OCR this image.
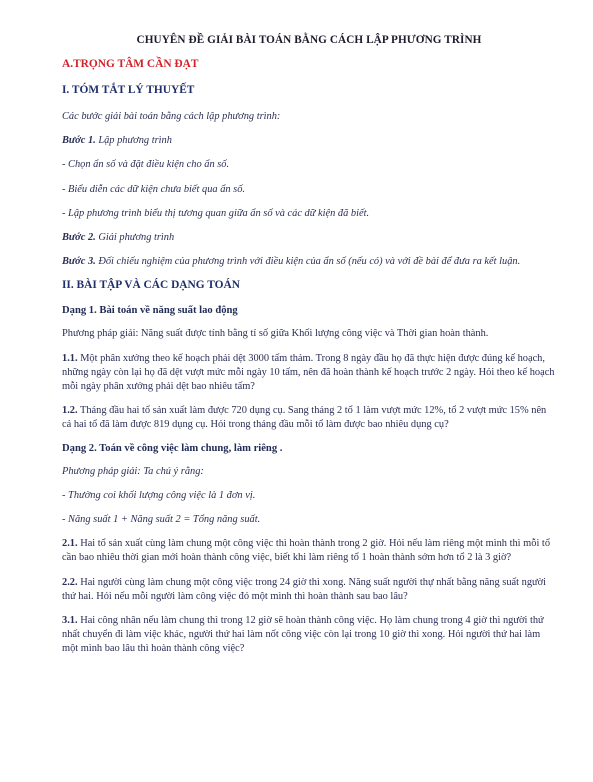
CHUYÊN ĐỀ GIẢI BÀI TOÁN BẰNG CÁCH LẬP PHƯƠNG TRÌNH
A.TRỌNG TÂM CẦN ĐẠT
I. TÓM TẮT LÝ THUYẾT
Các bước giải bài toán bằng cách lập phương trình:
Bước 1. Lập phương trình
- Chọn ẩn số và đặt điều kiện cho ẩn số.
- Biểu diễn các dữ kiện chưa biết qua ẩn số.
- Lập phương trình biểu thị tương quan giữa ẩn số và các dữ kiện đã biết.
Bước 2. Giải phương trình
Bước 3. Đối chiếu nghiệm của phương trình với điều kiện của ẩn số (nếu có) và với đề bài để đưa ra kết luận.
II. BÀI TẬP VÀ CÁC DẠNG TOÁN
Dạng 1. Bài toán về năng suất lao động
Phương pháp giải: Năng suất được tính bằng tỉ số giữa Khối lượng công việc và Thời gian hoàn thành.
1.1. Một phân xưởng theo kế hoạch phải dệt 3000 tấm thảm. Trong 8 ngày đầu họ đã thực hiện được đúng kế hoạch, những ngày còn lại họ đã dệt vượt mức mỗi ngày 10 tấm, nên đã hoàn thành kế hoạch trước 2 ngày. Hỏi theo kế hoạch mỗi ngày phân xưởng phải dệt bao nhiêu tấm?
1.2. Tháng đầu hai tổ sản xuất làm được 720 dụng cụ. Sang tháng 2 tổ 1 làm vượt mức 12%, tổ 2 vượt mức 15% nên cả hai tổ đã làm được 819 dụng cụ. Hỏi trong tháng đầu mỗi tổ làm được bao nhiêu dụng cụ?
Dạng 2. Toán về công việc làm chung, làm riêng .
Phương pháp giải: Ta chú ý rằng:
- Thường coi khối lượng công việc là 1 đơn vị.
- Năng suất 1 + Năng suất 2 = Tổng năng suất.
2.1. Hai tổ sản xuất cùng làm chung một công việc thì hoàn thành trong 2 giờ. Hỏi nếu làm riêng một mình thì mỗi tổ cần bao nhiêu thời gian mới hoàn thành công việc, biết khi làm riêng tổ 1 hoàn thành sớm hơn tổ 2 là 3 giờ?
2.2. Hai người cùng làm chung một công việc trong 24 giờ thì xong. Năng suất người thự nhất bằng năng suất người thứ hai. Hỏi nếu mỗi người làm công việc đó một mình thì hoàn thành sau bao lâu?
3.1. Hai công nhân nếu làm chung thì trong 12 giờ sẽ hoàn thành công việc. Họ làm chung trong 4 giờ thì người thứ nhất chuyển đi làm việc khác, người thứ hai làm nốt công việc còn lại trong 10 giờ thì xong. Hỏi người thứ hai làm một mình bao lâu thì hoàn thành công việc?
